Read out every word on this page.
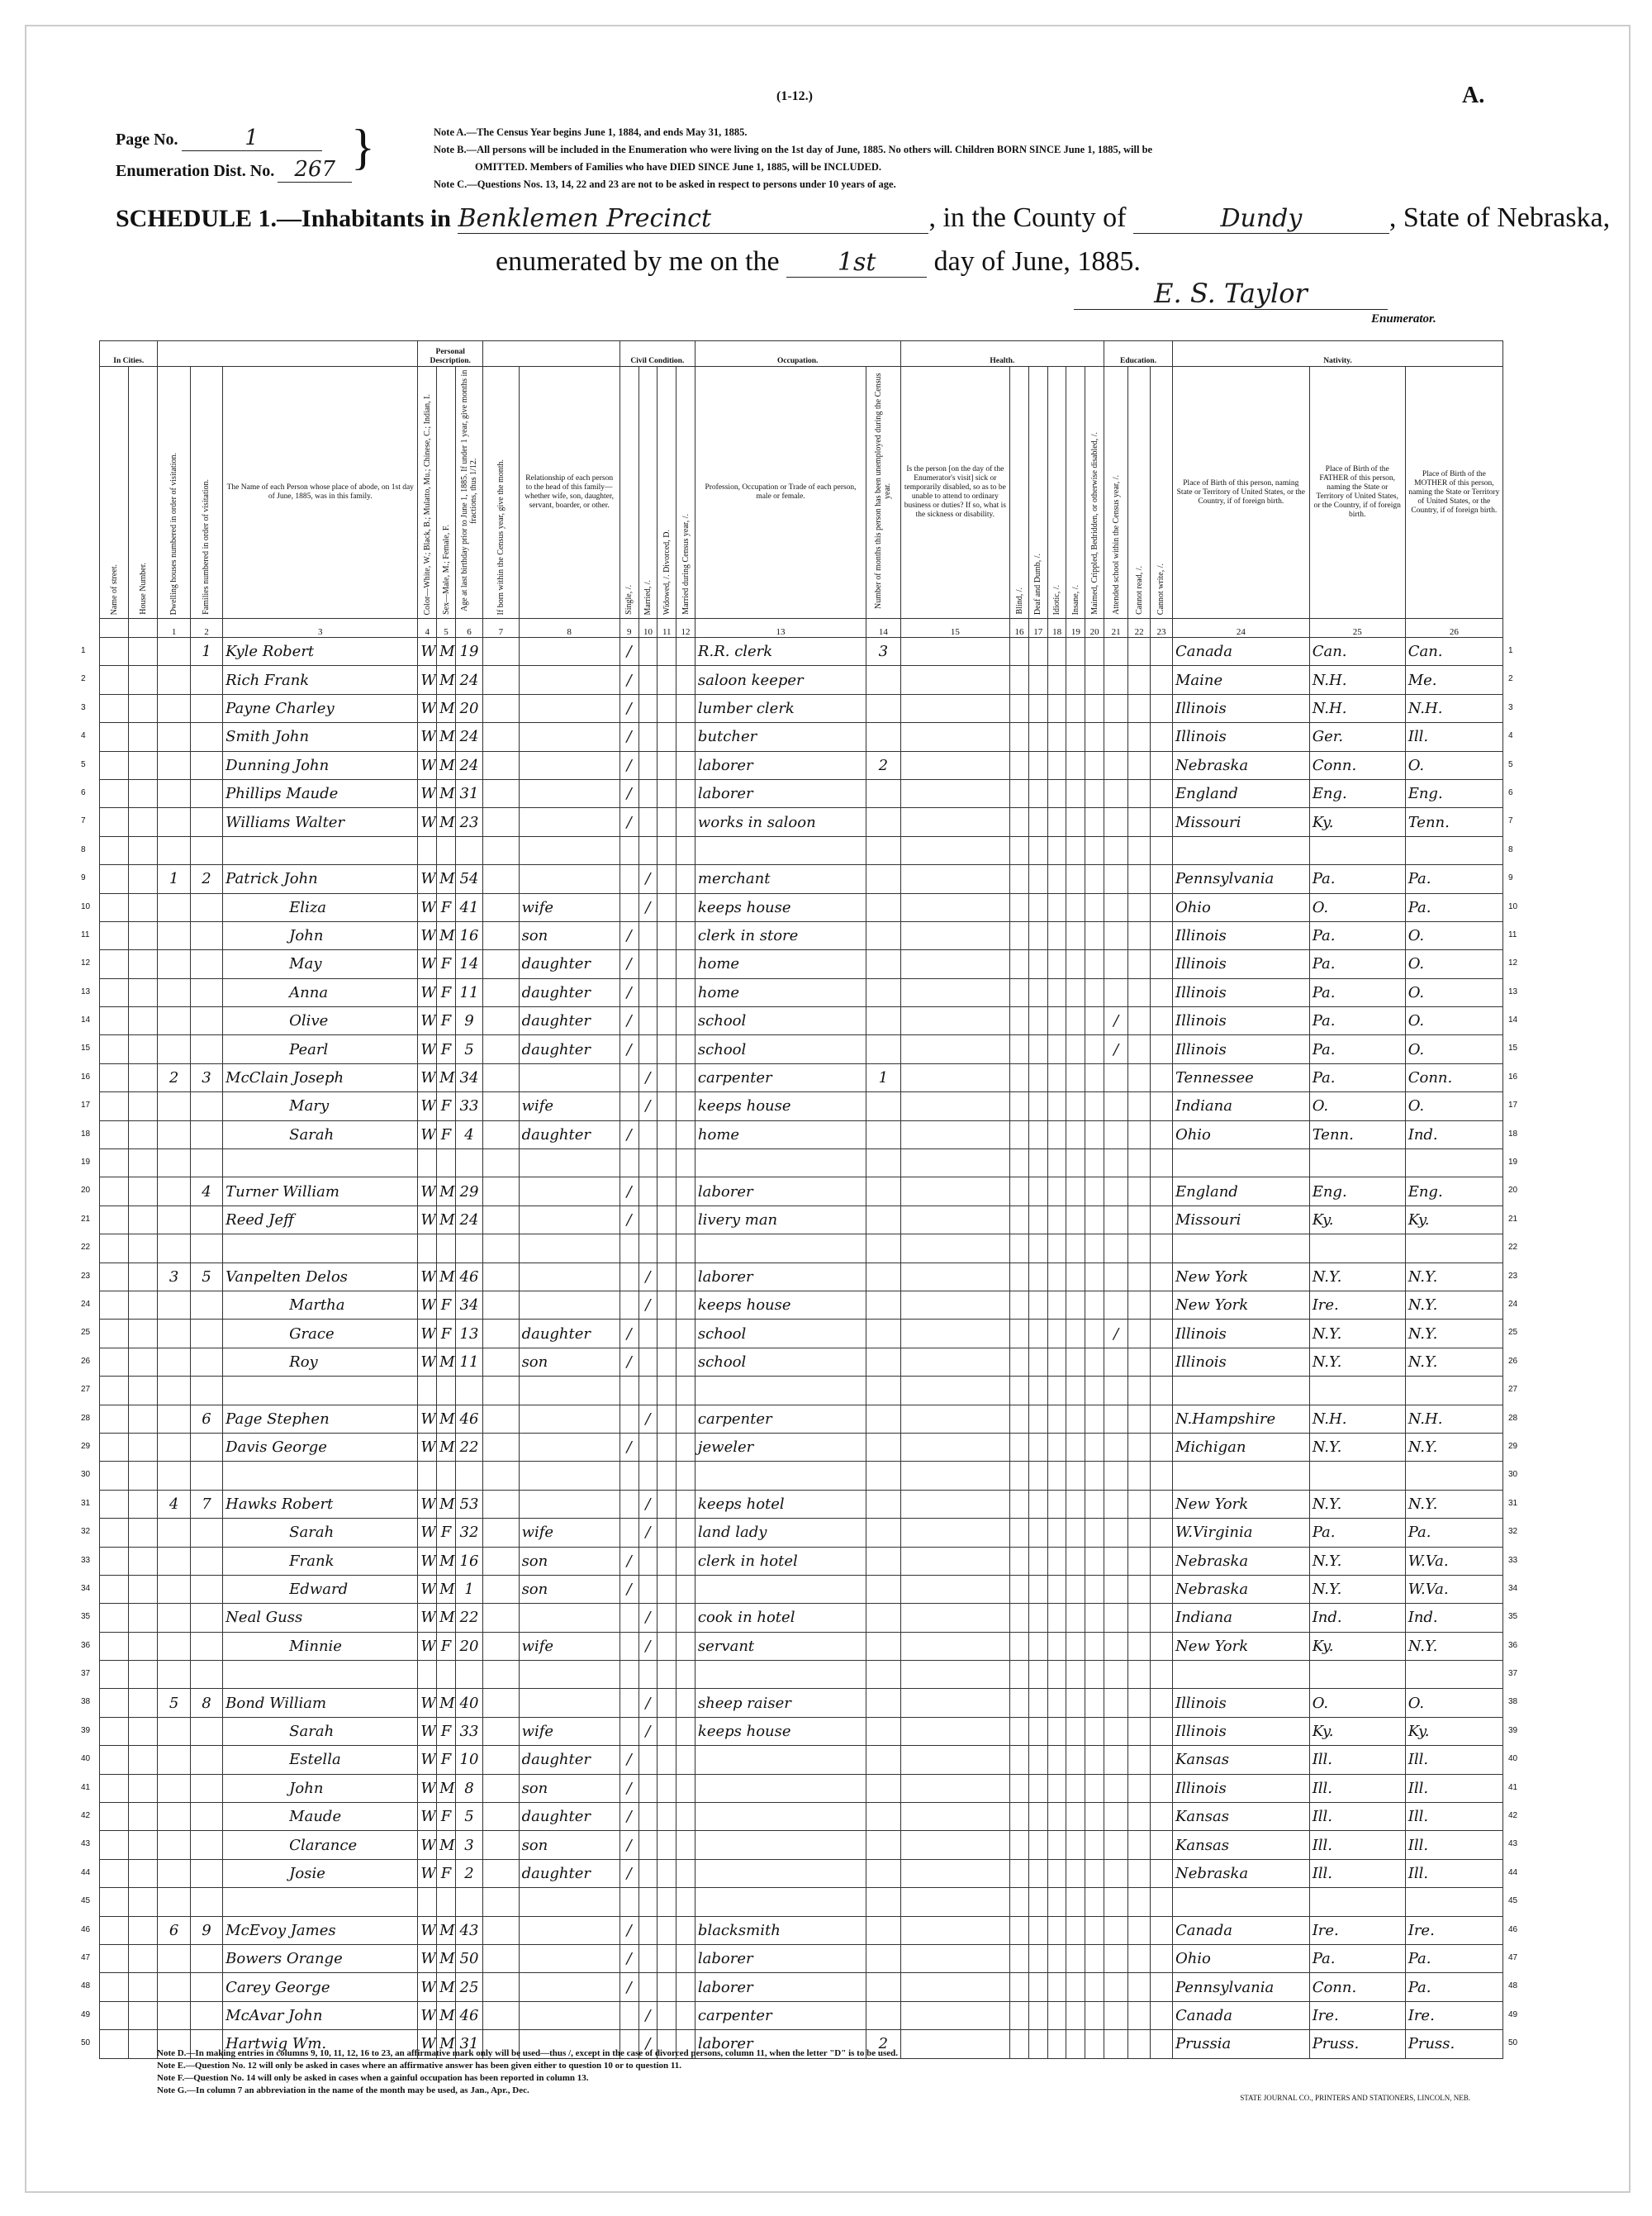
(1-12.)	A.
Page No.	1
Enumeration Dist. No. 267 }	Note A.—The Census Year begins June 1, 1884, and ends May 31, 1885.
Note B.—All persons will be included in the Enumeration who were living on the 1st day of June, 1885. No others will. Children BORN SINCE June 1, 1885, will be
OMITTED. Members of Families who have DIED SINCE June 1, 1885, will be INCLUDED.
Note C.—Questions Nos. 13, 14, 22 and 23 are not to be asked in respect to persons under 10 years of age.
SCHEDULE 1.—Inhabitants in Benklemen Precinct	, in the County of	Dundy	, State of Nebraska,
enumerated by me on the 1st day of June, 1885.
E. S. Taylor
Enumerator.
In Cities.					Personal Description.					Civil Condition.				Occupation.		Health.						Education.			Nativity.		
Name of street.	House Number.	Dwelling houses numbered in order of visitation.	Families numbered in order of visitation.	The Name of each Person whose place of abode, on 1st day of June, 1885, was in this family.	Color—White, W.; Black, B.; Mulatto, Mu.; Chinese, C.; Indian, I.	Sex—Male, M.; Female, F.	Age at last birthday prior to June 1, 1885. If under 1 year, give months in fractions, thus 1/12.	If born within the Census year, give the month.	Relationship of each person to the head of this family—whether wife, son, daughter, servant, boarder, or other.	Single, /.	Married, /.	Widowed, /. Divorced, D.	Married during Census year, /.	Profession, Occupation or Trade of each person, male or female.	Number of months this person has been unemployed during the Census year.	Is the person [on the day of the Enumerator's visit] sick or temporarily disabled, so as to be unable to attend to ordinary business or duties? If so, what is the sickness or disability.	Blind, /.	Deaf and Dumb, /.	Idiotic, /.	Insane, /.	Maimed, Crippled, Bedridden, or otherwise disabled, /.	Attended school within the Census year, /.	Cannot read, /.	Cannot write, /.	Place of Birth of this person, naming State or Territory of United States, or the Country, if of foreign birth.	Place of Birth of the FATHER of this person, naming the State or Territory of United States, or the Country, if of foreign birth.	Place of Birth of the MOTHER of this person, naming the State or Territory of United States, or the Country, if of foreign birth.
		1	2	3	4	5	6	7	8	9	10	11	12	13	14	15	16	17	18	19	20	21	22	23	24	25	26
			1	Kyle Robert	W	M	19			/				R.R. clerk	3										Canada	Can.	Can.
				Rich Frank	W	M	24			/				saloon keeper											Maine	N.H.	Me.
				Payne Charley	W	M	20			/				lumber clerk											Illinois	N.H.	N.H.
				Smith John	W	M	24			/				butcher											Illinois	Ger.	Ill.
				Dunning John	W	M	24			/				laborer	2										Nebraska	Conn.	O.
				Phillips Maude	W	M	31			/				laborer											England	Eng.	Eng.
				Williams Walter	W	M	23			/				works in saloon											Missouri	Ky.	Tenn.

		1	2	Patrick John	W	M	54				/			merchant											Pennsylvania	Pa.	Pa.
				Eliza	W	F	41		wife		/			keeps house											Ohio	O.	Pa.
				John	W	M	16		son	/				clerk in store											Illinois	Pa.	O.
				May	W	F	14		daughter	/				home											Illinois	Pa.	O.
				Anna	W	F	11		daughter	/				home											Illinois	Pa.	O.
				Olive	W	F	9		daughter	/				school								/			Illinois	Pa.	O.
				Pearl	W	F	5		daughter	/				school								/			Illinois	Pa.	O.
		2	3	McClain Joseph	W	M	34				/			carpenter	1										Tennessee	Pa.	Conn.
				Mary	W	F	33		wife		/			keeps house											Indiana	O.	O.
				Sarah	W	F	4		daughter	/				home											Ohio	Tenn.	Ind.

			4	Turner William	W	M	29			/				laborer											England	Eng.	Eng.
				Reed Jeff	W	M	24			/				livery man											Missouri	Ky.	Ky.

		3	5	Vanpelten Delos	W	M	46				/			laborer											New York	N.Y.	N.Y.
				Martha	W	F	34				/			keeps house											New York	Ire.	N.Y.
				Grace	W	F	13		daughter	/				school								/			Illinois	N.Y.	N.Y.
				Roy	W	M	11		son	/				school											Illinois	N.Y.	N.Y.

			6	Page Stephen	W	M	46				/			carpenter											N.Hampshire	N.H.	N.H.
				Davis George	W	M	22			/				jeweler											Michigan	N.Y.	N.Y.

		4	7	Hawks Robert	W	M	53				/			keeps hotel											New York	N.Y.	N.Y.
				Sarah	W	F	32		wife		/			land lady											W.Virginia	Pa.	Pa.
				Frank	W	M	16		son	/				clerk in hotel											Nebraska	N.Y.	W.Va.
				Edward	W	M	1		son	/															Nebraska	N.Y.	W.Va.
				Neal Guss	W	M	22				/			cook in hotel											Indiana	Ind.	Ind.
				Minnie	W	F	20		wife		/			servant											New York	Ky.	N.Y.

		5	8	Bond William	W	M	40				/			sheep raiser											Illinois	O.	O.
				Sarah	W	F	33		wife		/			keeps house											Illinois	Ky.	Ky.
				Estella	W	F	10		daughter	/															Kansas	Ill.	Ill.
				John	W	M	8		son	/															Illinois	Ill.	Ill.
				Maude	W	F	5		daughter	/															Kansas	Ill.	Ill.
				Clarance	W	M	3		son	/															Kansas	Ill.	Ill.
				Josie	W	F	2		daughter	/															Nebraska	Ill.	Ill.

		6	9	McEvoy James	W	M	43			/				blacksmith											Canada	Ire.	Ire.
				Bowers Orange	W	M	50			/				laborer											Ohio	Pa.	Pa.
				Carey George	W	M	25			/				laborer											Pennsylvania	Conn.	Pa.
				McAvar John	W	M	46				/			carpenter											Canada	Ire.	Ire.
				Hartwig Wm.	W	M	31				/			laborer	2										Prussia	Pruss.	Pruss.
Note D.—In making entries in columns 9, 10, 11, 12, 16 to 23, an affirmative mark only will be used—thus /, except in the case of divorced persons, column 11, when the letter "D" is to be used.
Note E.—Question No. 12 will only be asked in cases where an affirmative answer has been given either to question 10 or to question 11.
Note F.—Question No. 14 will only be asked in cases when a gainful occupation has been reported in column 13.
Note G.—In column 7 an abbreviation in the name of the month may be used, as Jan., Apr., Dec.
STATE JOURNAL CO., PRINTERS AND STATIONERS, LINCOLN, NEB.
1	1
2	2
3	3
4	4
5	5
6	6
7	7
8	8
9	9
10	10
11	11
12	12
13	13
14	14
15	15
16	16
17	17
18	18
19	19
20	20
21	21
22	22
23	23
24	24
25	25
26	26
27	27
28	28
29	29
30	30
31	31
32	32
33	33
34	34
35	35
36	36
37	37
38	38
39	39
40	40
41	41
42	42
43	43
44	44
45	45
46	46
47	47
48	48
49	49
50	50
